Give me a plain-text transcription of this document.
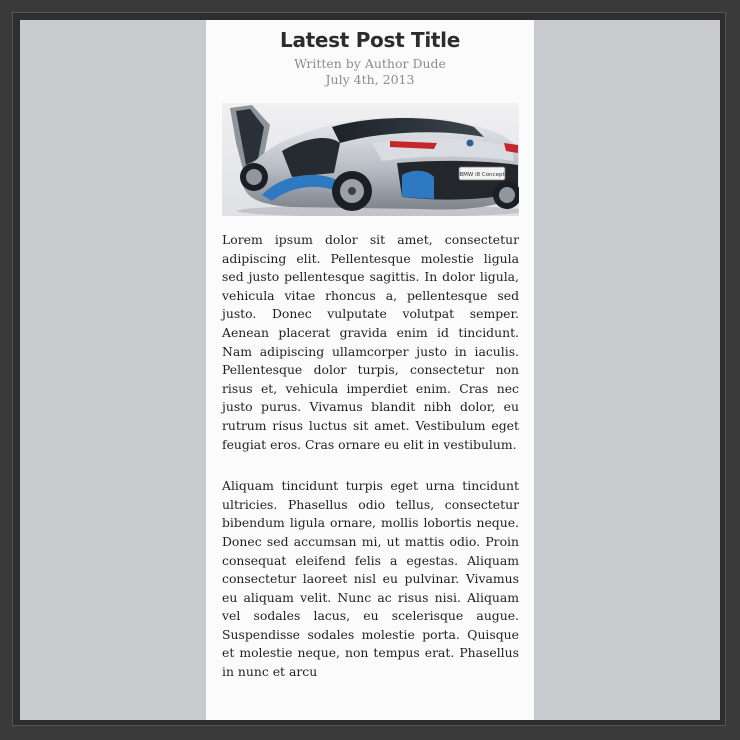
Latest Post Title
Written by Author Dude
July 4th, 2013
BMW i8 Concept

Lorem ipsum dolor sit amet, consectetur adipiscing elit. Pellentesque molestie ligula sed justo pellentesque sagittis. In dolor ligula, vehicula vitae rhoncus a, pellentesque sed justo. Donec vulputate volutpat semper. Aenean placerat gravida enim id tincidunt. Nam adipiscing ullamcorper justo in iaculis. Pellentesque dolor turpis, consectetur non risus et, vehicula imperdiet enim. Cras nec justo purus. Vivamus blandit nibh dolor, eu rutrum risus luctus sit amet. Vestibulum eget feugiat eros. Cras ornare eu elit in vestibulum.

Aliquam tincidunt turpis eget urna tincidunt ultricies. Phasellus odio tellus, consectetur bibendum ligula ornare, mollis lobortis neque. Donec sed accumsan mi, ut mattis odio. Proin consequat eleifend felis a egestas. Aliquam consectetur laoreet nisl eu pulvinar. Vivamus eu aliquam velit. Nunc ac risus nisi. Aliquam vel sodales lacus, eu scelerisque augue. Suspendisse sodales molestie porta. Quisque et molestie neque, non tempus erat. Phasellus in nunc et arcu
